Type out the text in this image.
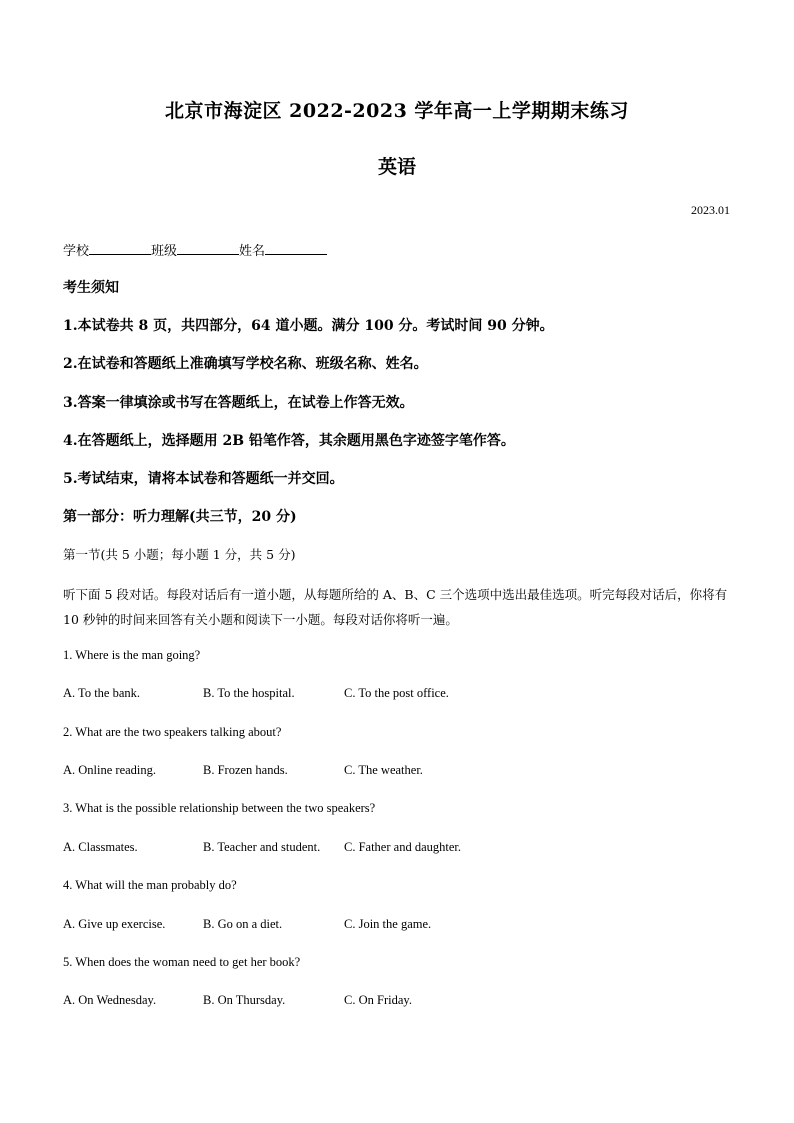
北京市海淀区 2022-2023 学年高一上学期期末练习
英语
2023.01
学校	班级	姓名
考生须知
1.本试卷共 8 页，共四部分，64 道小题。满分 100 分。考试时间 90 分钟。
2.在试卷和答题纸上准确填写学校名称、班级名称、姓名。
3.答案一律填涂或书写在答题纸上，在试卷上作答无效。
4.在答题纸上，选择题用 2B 铅笔作答，其余题用黑色字迹签字笔作答。
5.考试结束，请将本试卷和答题纸一并交回。
第一部分：听力理解(共三节，20 分)
第一节(共 5 小题；每小题 1 分，共 5 分)
听下面 5 段对话。每段对话后有一道小题，从每题所给的 A、B、C 三个选项中选出最佳选项。听完每段对话后，你将有 10 秒钟的时间来回答有关小题和阅读下一小题。每段对话你将听一遍。
1. Where is the man going?
A. To the bank.	B. To the hospital.	C. To the post office.
2. What are the two speakers talking about?
A. Online reading.	B. Frozen hands.	C. The weather.
3. What is the possible relationship between the two speakers?
A. Classmates.	B. Teacher and student. C. Father and daughter.
4. What will the man probably do?
A. Give up exercise.	B. Go on a diet.	C. Join the game.
5. When does the woman need to get her book?
A. On Wednesday.	B. On Thursday.	C. On Friday.
